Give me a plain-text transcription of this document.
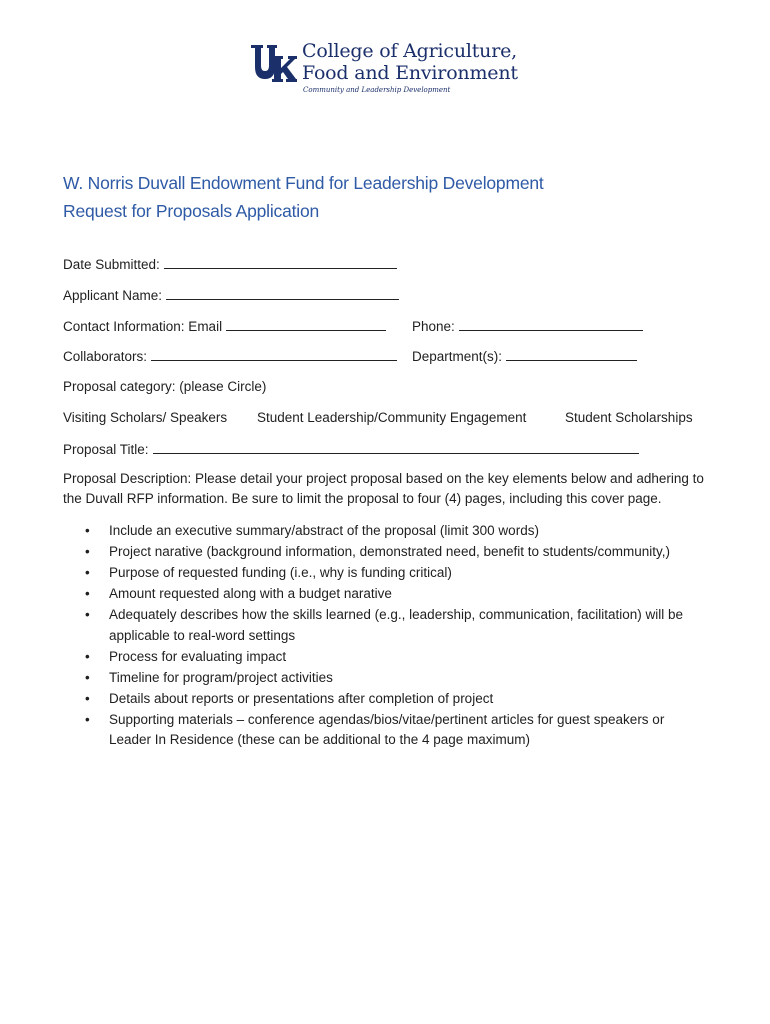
College of Agriculture,
Food and Environment
Community and Leadership Development
W. Norris Duvall Endowment Fund for Leadership Development
Request for Proposals Application
Date Submitted:
Applicant Name:
Contact Information: Email	Phone:
Collaborators:	Department(s):
Proposal category: (please Circle)
Visiting Scholars/ Speakers Student Leadership/Community Engagement	Student Scholarships
Proposal Title:
Proposal Description: Please detail your project proposal based on the key elements below and adhering to the Duvall RFP information. Be sure to limit the proposal to four (4) pages, including this cover page.
• Include an executive summary/abstract of the proposal (limit 300 words)
• Project narative (background information, demonstrated need, benefit to students/community,)
• Purpose of requested funding (i.e., why is funding critical)
• Amount requested along with a budget narative
• Adequately describes how the skills learned (e.g., leadership, communication, facilitation) will be applicable to real-word settings
• Process for evaluating impact
• Timeline for program/project activities
• Details about reports or presentations after completion of project
• Supporting materials – conference agendas/bios/vitae/pertinent articles for guest speakers or Leader In Residence (these can be additional to the 4 page maximum)
